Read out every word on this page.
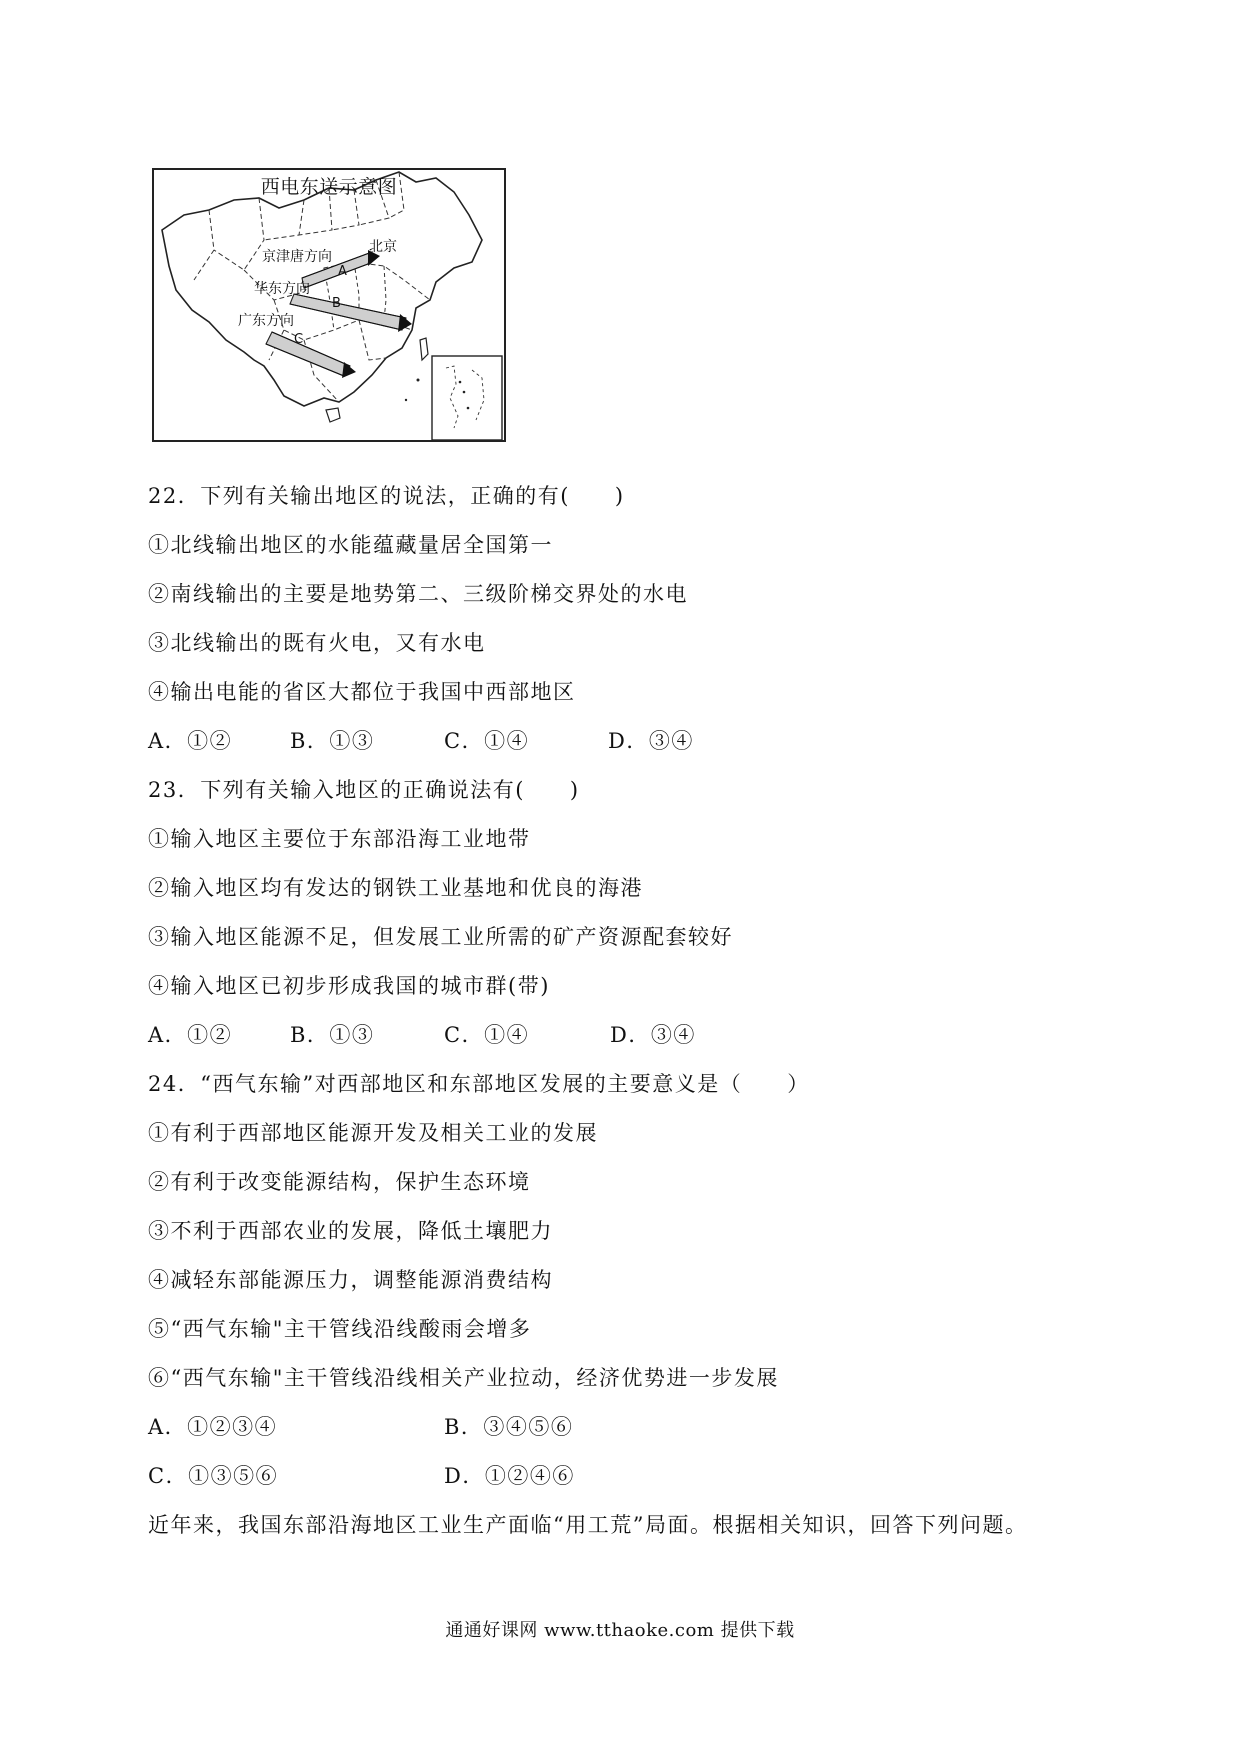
西电东送示意图
北京
京津唐方向
华东方向
广东方向
A
B
C
22．下列有关输出地区的说法，正确的有(　　)
①北线输出地区的水能蕴藏量居全国第一
②南线输出的主要是地势第二、三级阶梯交界处的水电
③北线输出的既有火电，又有水电
④输出电能的省区大都位于我国中西部地区
A．①②	B．①③	C．①④	D．③④
23．下列有关输入地区的正确说法有(　　)
①输入地区主要位于东部沿海工业地带
②输入地区均有发达的钢铁工业基地和优良的海港
③输入地区能源不足，但发展工业所需的矿产资源配套较好
④输入地区已初步形成我国的城市群(带)
A．①②	B．①③	C．①④	D．③④
24．“西气东输”对西部地区和东部地区发展的主要意义是（　　）
①有利于西部地区能源开发及相关工业的发展
②有利于改变能源结构，保护生态环境
③不利于西部农业的发展，降低土壤肥力
④减轻东部能源压力，调整能源消费结构
⑤“西气东输"主干管线沿线酸雨会增多
⑥“西气东输"主干管线沿线相关产业拉动，经济优势进一步发展
A．①②③④	B．③④⑤⑥
C．①③⑤⑥	D．①②④⑥
近年来，我国东部沿海地区工业生产面临“用工荒”局面。根据相关知识，回答下列问题。
通通好课网 www.tthaoke.com 提供下载
